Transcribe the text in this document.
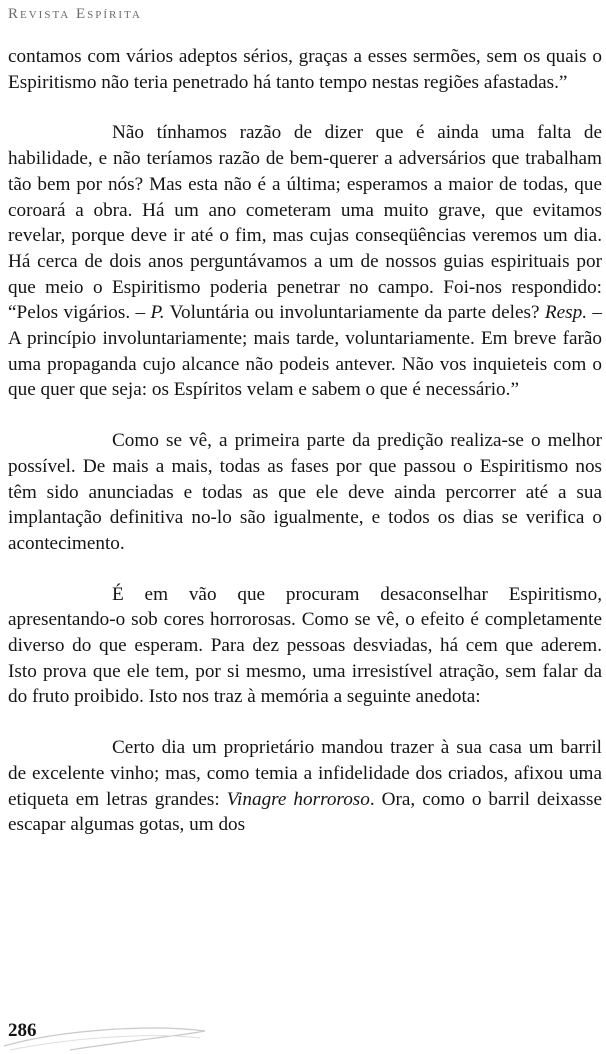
Revista Espírita

contamos com vários adeptos sérios, graças a esses sermões, sem os quais o Espiritismo não teria penetrado há tanto tempo nestas regiões afastadas.”

Não tínhamos razão de dizer que é ainda uma falta de habilidade, e não teríamos razão de bem-querer a adversários que trabalham tão bem por nós? Mas esta não é a última; esperamos a maior de todas, que coroará a obra. Há um ano cometeram uma muito grave, que evitamos revelar, porque deve ir até o fim, mas cujas conseqüências veremos um dia. Há cerca de dois anos perguntávamos a um de nossos guias espirituais por que meio o Espiritismo poderia penetrar no campo. Foi-nos respondido: “Pelos vigários. – P. Voluntária ou involuntariamente da parte deles? Resp. – A princípio involuntariamente; mais tarde, voluntariamente. Em breve farão uma propaganda cujo alcance não podeis antever. Não vos inquieteis com o que quer que seja: os Espíritos velam e sabem o que é necessário.”

Como se vê, a primeira parte da predição realiza-se o melhor possível. De mais a mais, todas as fases por que passou o Espiritismo nos têm sido anunciadas e todas as que ele deve ainda percorrer até a sua implantação definitiva no-lo são igualmente, e todos os dias se verifica o acontecimento.

É em vão que procuram desaconselhar Espiritismo, apresentando-o sob cores horrorosas. Como se vê, o efeito é completamente diverso do que esperam. Para dez pessoas desviadas, há cem que aderem. Isto prova que ele tem, por si mesmo, uma irresistível atração, sem falar da do fruto proibido. Isto nos traz à memória a seguinte anedota:

Certo dia um proprietário mandou trazer à sua casa um barril de excelente vinho; mas, como temia a infidelidade dos criados, afixou uma etiqueta em letras grandes: Vinagre horroroso. Ora, como o barril deixasse escapar algumas gotas, um dos

286
